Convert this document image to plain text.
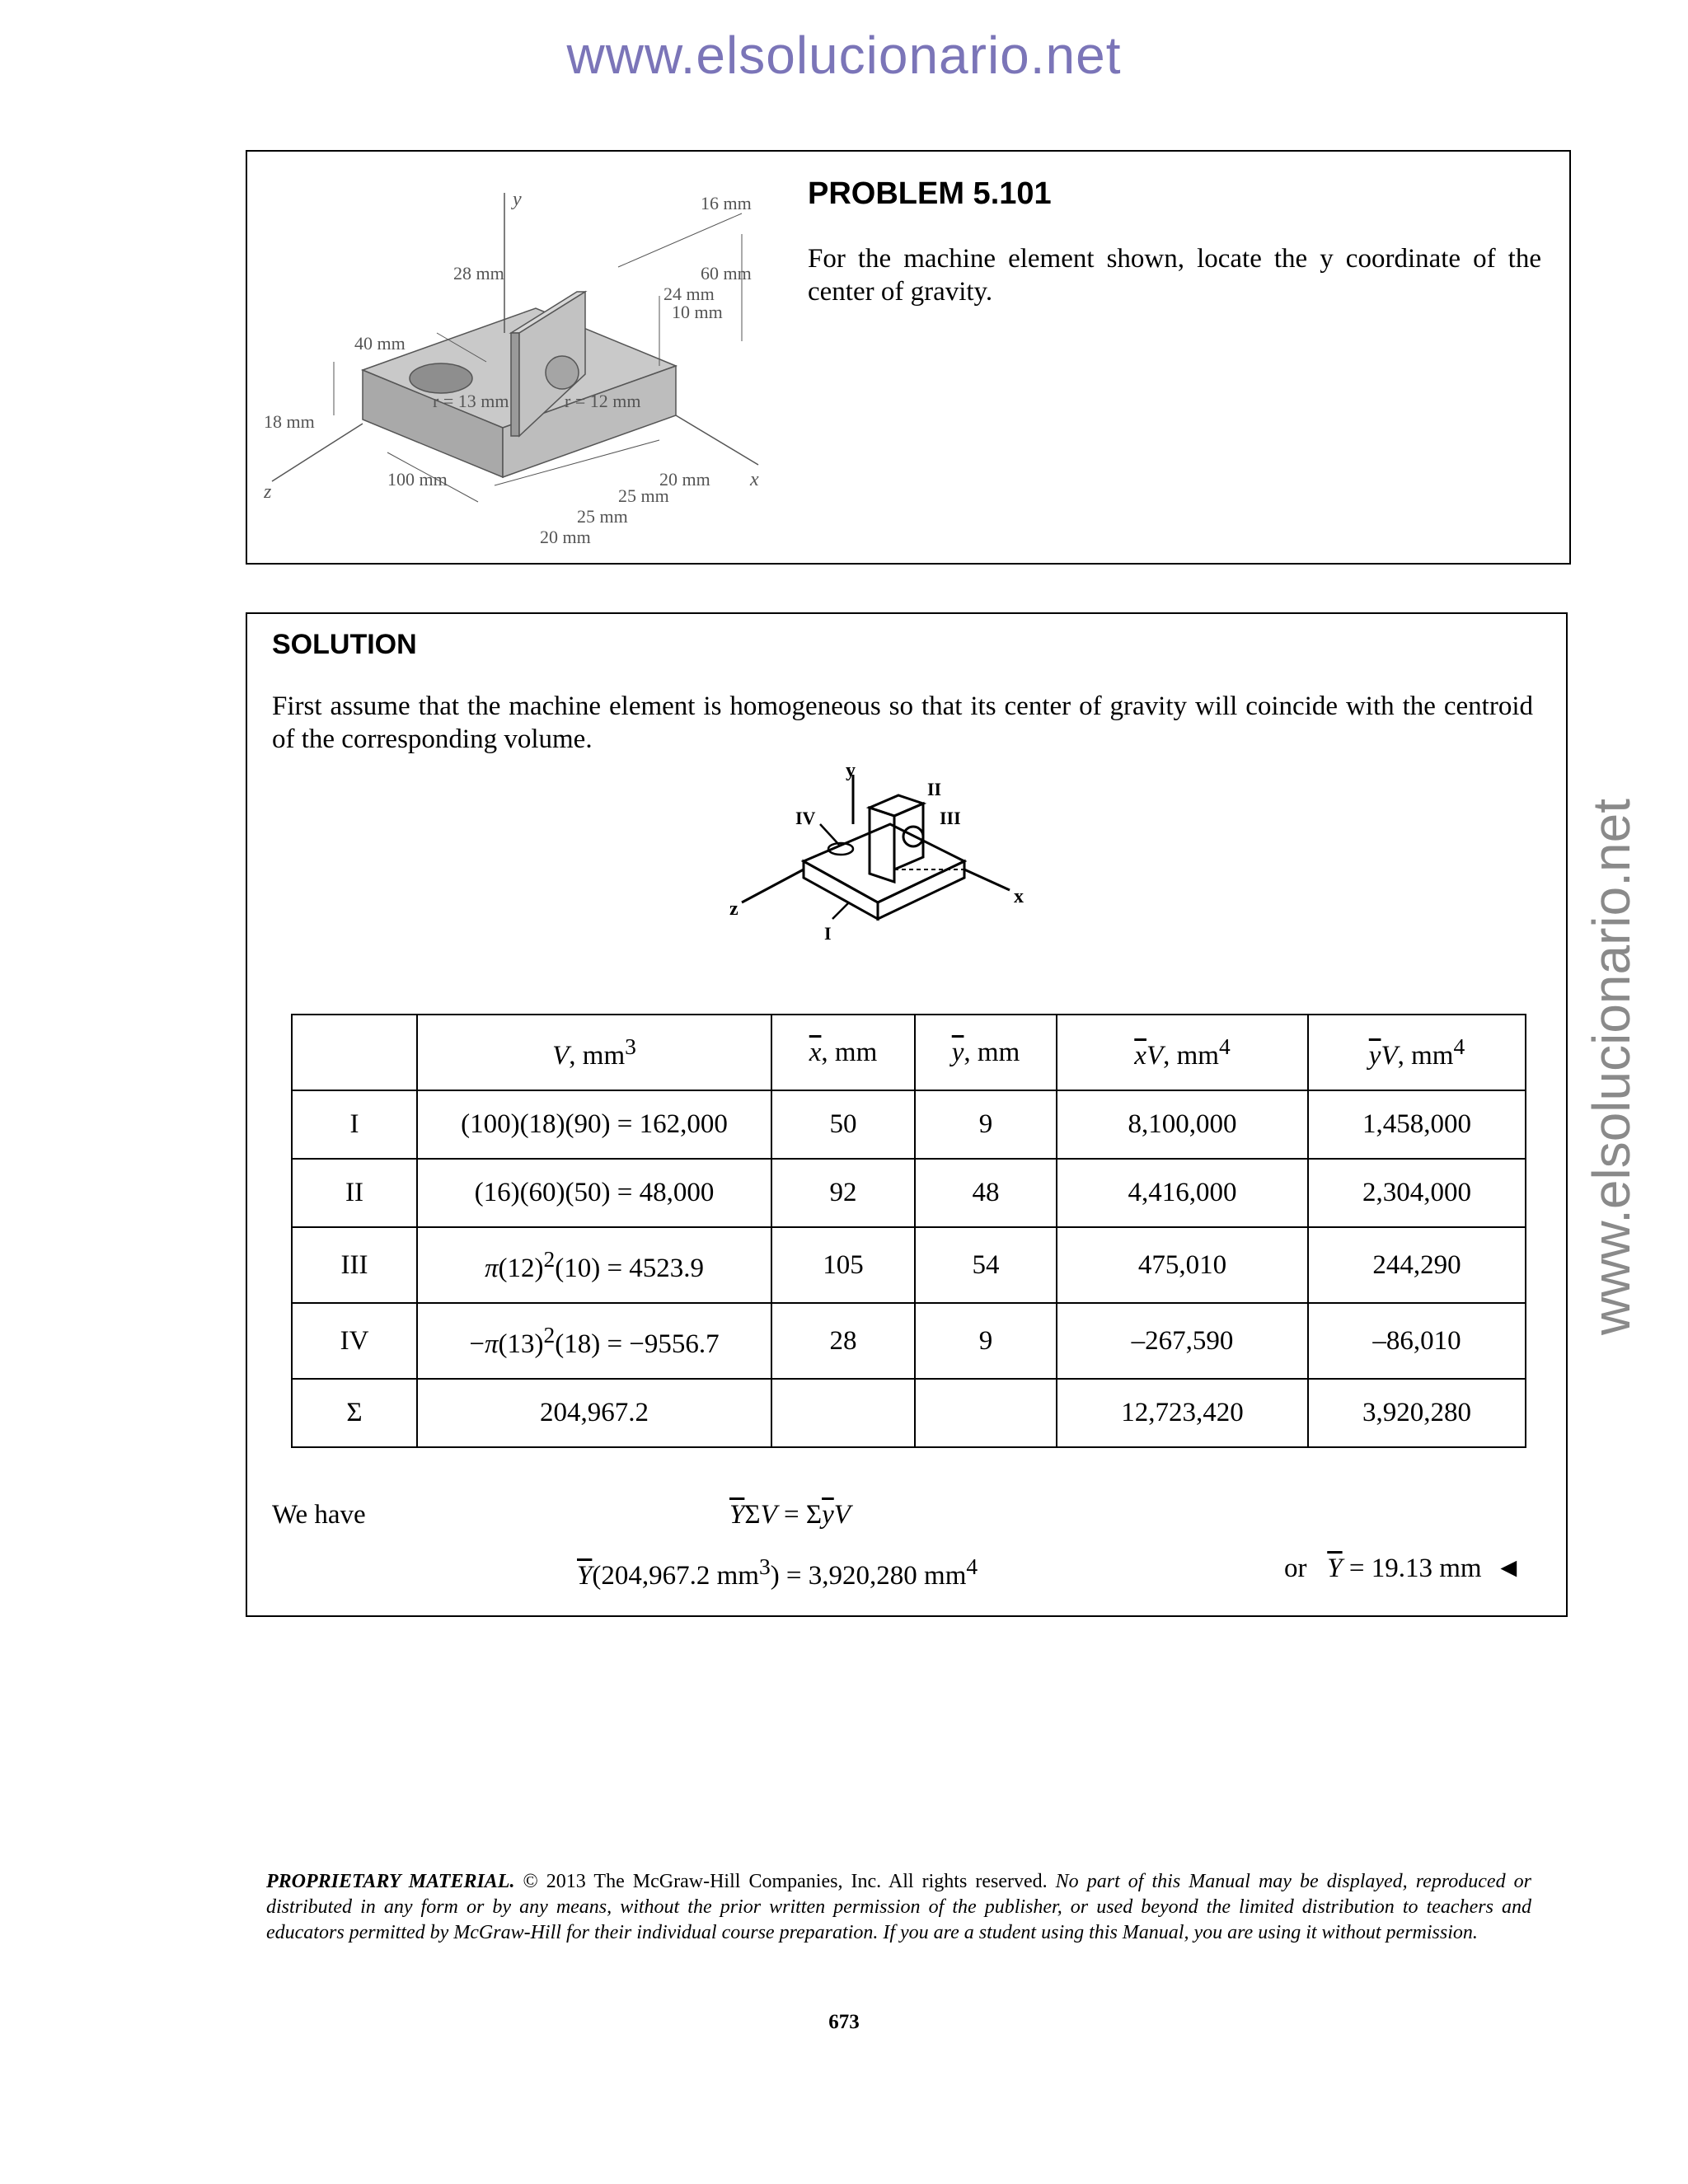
www.elsolucionario.net
www.elsolucionario.net
y	16 mm
60 mm
28 mm
24 mm
10 mm
40 mm
r = 13 mm	r = 12 mm
18 mm
z
100 mm	20 mm
25 mm
25 mm
20 mm
x
PROBLEM 5.101
For the machine element shown, locate the y coordinate of the center of gravity.
SOLUTION
First assume that the machine element is homogeneous so that its center of gravity will coincide with the centroid of the corresponding volume.
y
II
IV	III
z
I
x
	V, $mm^3$	$\overline{x}$, mm	$\overline{y}$, mm	$\overline{x}V$, $mm^4$	$\overline{y}V$, $mm^4$
I	(100)(18)(90) = 162,000	50	9	8,100,000	1,458,000
II	(16)(60)(50) = 48,000	92	48	4,416,000	2,304,000
III	$\pi(12)^2(10) = 4523.9$	105	54	475,010	244,290
IV	$-\pi(13)^2(18) = -9556.7$	28	9	–267,590	–86,010
Σ	204,967.2			12,723,420	3,920,280
We have	$\overline{Y}\Sigma V = \Sigma\overline{y}V$
$\overline{Y}(204,967.2$ $mm^3) = 3,920,280$ $mm^4$	or   $\overline{Y} = 19.13$ mm  ◄
PROPRIETARY MATERIAL. © 2013 The McGraw-Hill Companies, Inc. All rights reserved. No part of this Manual may be displayed, reproduced or distributed in any form or by any means, without the prior written permission of the publisher, or used beyond the limited distribution to teachers and educators permitted by McGraw-Hill for their individual course preparation. If you are a student using this Manual, you are using it without permission.
673
